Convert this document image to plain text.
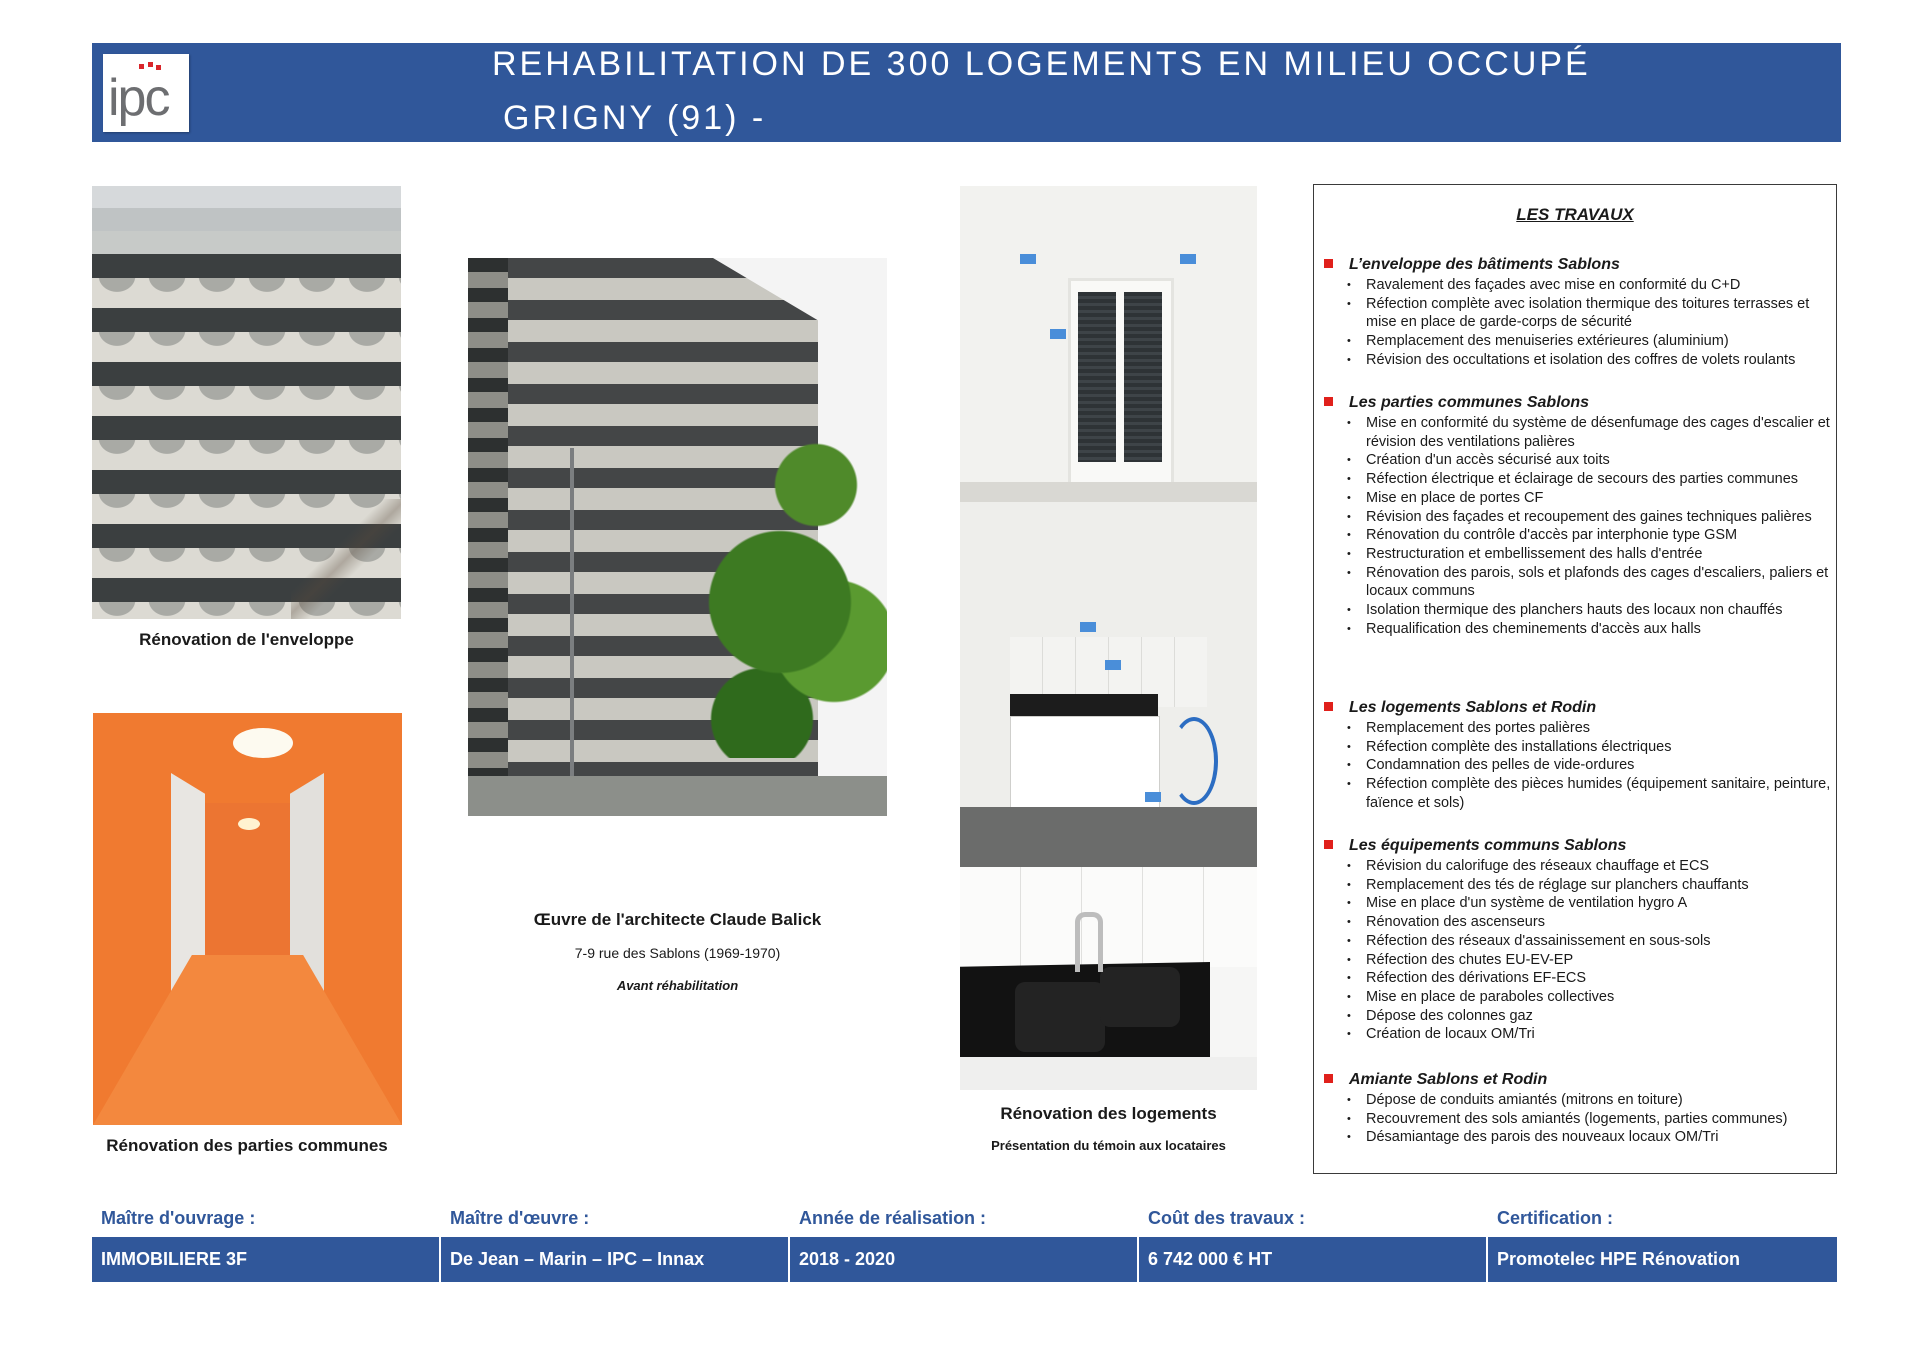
ipc
REHABILITATION DE 300 LOGEMENTS EN MILIEU OCCUPÉ
GRIGNY (91) -
Rénovation de l'enveloppe
Rénovation des parties communes
Œuvre de l'architecte Claude Balick
7-9 rue des Sablons (1969-1970)
Avant réhabilitation
Rénovation des logements
Présentation du témoin aux locataires
LES TRAVAUX
L’enveloppe des bâtiments Sablons
• Ravalement des façades avec mise en conformité du C+D
• Réfection complète avec isolation thermique des toitures terrasses et mise en place de garde-corps de sécurité
• Remplacement des menuiseries extérieures (aluminium)
• Révision des occultations et isolation des coffres de volets roulants
Les parties communes Sablons
• Mise en conformité du système de désenfumage des cages d'escalier et révision des ventilations palières
• Création d'un accès sécurisé aux toits
• Réfection électrique et éclairage de secours des parties communes
• Mise en place de portes CF
• Révision des façades et recoupement des gaines techniques palières
• Rénovation du contrôle d'accès par interphonie type GSM
• Restructuration et embellissement des halls d'entrée
• Rénovation des parois, sols et plafonds des cages d'escaliers, paliers et locaux communs
• Isolation thermique des planchers hauts des locaux non chauffés
• Requalification des cheminements d'accès aux halls
Les logements Sablons et Rodin
• Remplacement des portes palières
• Réfection complète des installations électriques
• Condamnation des pelles de vide-ordures
• Réfection complète des pièces humides (équipement sanitaire, peinture, faïence et sols)
Les équipements communs Sablons
• Révision du calorifuge des réseaux chauffage et ECS
• Remplacement des tés de réglage sur planchers chauffants
• Mise en place d'un système de ventilation hygro A
• Rénovation des ascenseurs
• Réfection des réseaux d'assainissement en sous-sols
• Réfection des chutes EU-EV-EP
• Réfection des dérivations EF-ECS
• Mise en place de paraboles collectives
• Dépose des colonnes gaz
• Création de locaux OM/Tri
Amiante Sablons et Rodin
• Dépose de conduits amiantés (mitrons en toiture)
• Recouvrement des sols amiantés (logements, parties communes)
• Désamiantage des parois des nouveaux locaux OM/Tri
Maître d'ouvrage :	Maître d'œuvre :	Année de réalisation :	Coût des travaux :	Certification :
IMMOBILIERE 3F	De Jean – Marin – IPC – Innax	2018 - 2020	6 742 000 € HT	Promotelec HPE Rénovation
